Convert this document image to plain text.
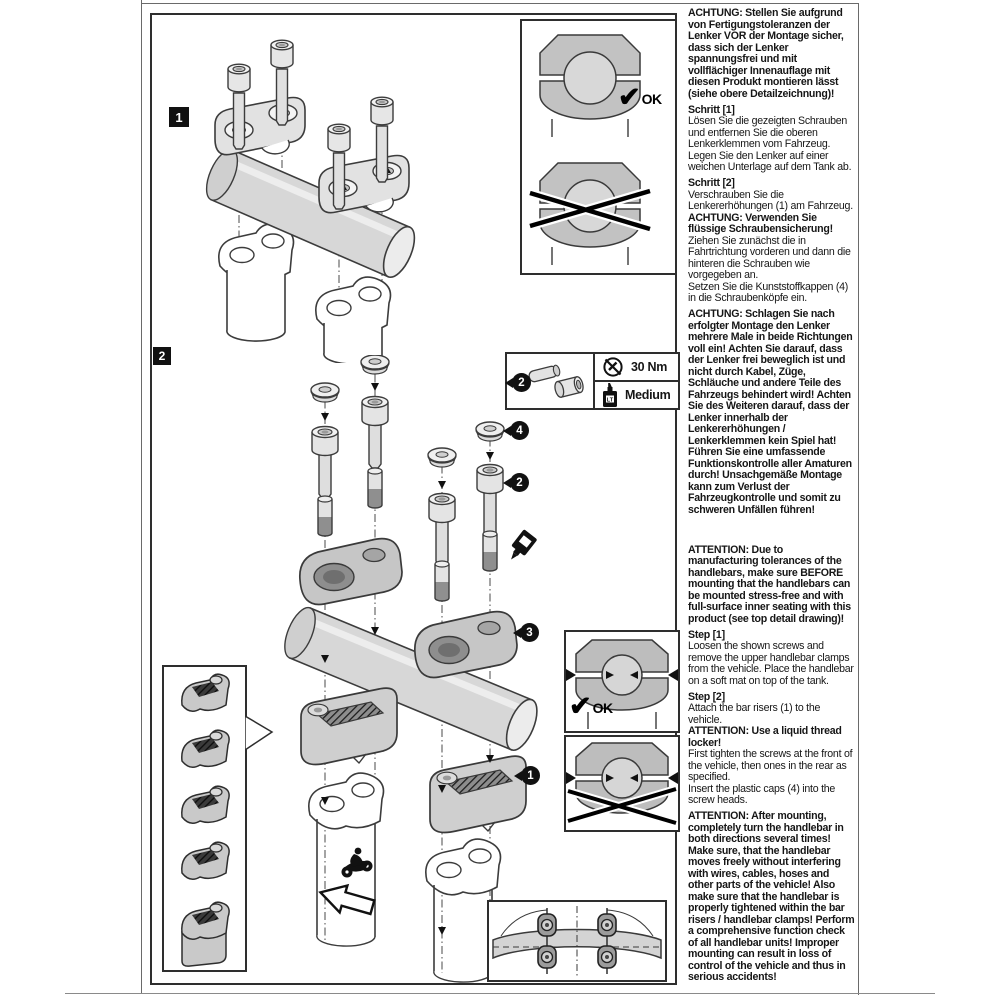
1
✔ OK
2
2
30 Nm
LT Medium
4
2
3
1
✔ OK
ACHTUNG: Stellen Sie aufgrund von Fertigungstoleranzen der Lenker VOR der Montage sicher, dass sich der Lenker spannungsfrei und mit vollflächiger Innenauflage mit diesen Produkt montieren lässt (siehe obere Detailzeichnung)!
Schritt [1]
Lösen Sie die gezeigten Schrauben und entfernen Sie die oberen Lenkerklemmen vom Fahrzeug. Legen Sie den Lenker auf einer weichen Unterlage auf dem Tank ab.
Schritt [2]
Verschrauben Sie die Lenkererhöhungen (1) am Fahrzeug.
ACHTUNG: Verwenden Sie flüssige Schraubensicherung!
Ziehen Sie zunächst die in Fahrtrichtung vorderen und dann die hinteren die Schrauben wie vorgegeben an.
Setzen Sie die Kunststoffkappen (4) in die Schraubenköpfe ein.
ACHTUNG: Schlagen Sie nach erfolgter Montage den Lenker mehrere Male in beide Richtungen voll ein! Achten Sie darauf, dass der Lenker frei beweglich ist und nicht durch Kabel, Züge, Schläuche und andere Teile des Fahrzeugs behindert wird! Achten Sie des Weiteren darauf, dass der Lenker innerhalb der Lenkererhöhungen / Lenkerklemmen kein Spiel hat! Führen Sie eine umfassende Funktionskontrolle aller Amaturen durch! Unsachgemäße Montage kann zum Verlust der Fahrzeugkontrolle und somit zu schweren Unfällen führen!
ATTENTION: Due to manufacturing tolerances of the handlebars, make sure BEFORE mounting that the handlebars can be mounted stress-free and with full-surface inner seating with this product (see top detail drawing)!
Step [1]
Loosen the shown screws and remove the upper handlebar clamps from the vehicle. Place the handlebar on a soft mat on top of the tank.
Step [2]
Attach the bar risers (1) to the vehicle.
ATTENTION: Use a liquid thread locker!
First tighten the screws at the front of the vehicle, then ones in the rear as specified.
Insert the plastic caps (4) into the screw heads.
ATTENTION: After mounting, completely turn the handlebar in both directions several times! Make sure, that the handlebar moves freely without interfering with wires, cables, hoses and other parts of the vehicle! Also make sure that the handlebar is properly tightened within the bar risers / handlebar clamps! Perform a comprehensive function check of all handlebar units! Improper mounting can result in loss of control of the vehicle and thus in serious accidents!
